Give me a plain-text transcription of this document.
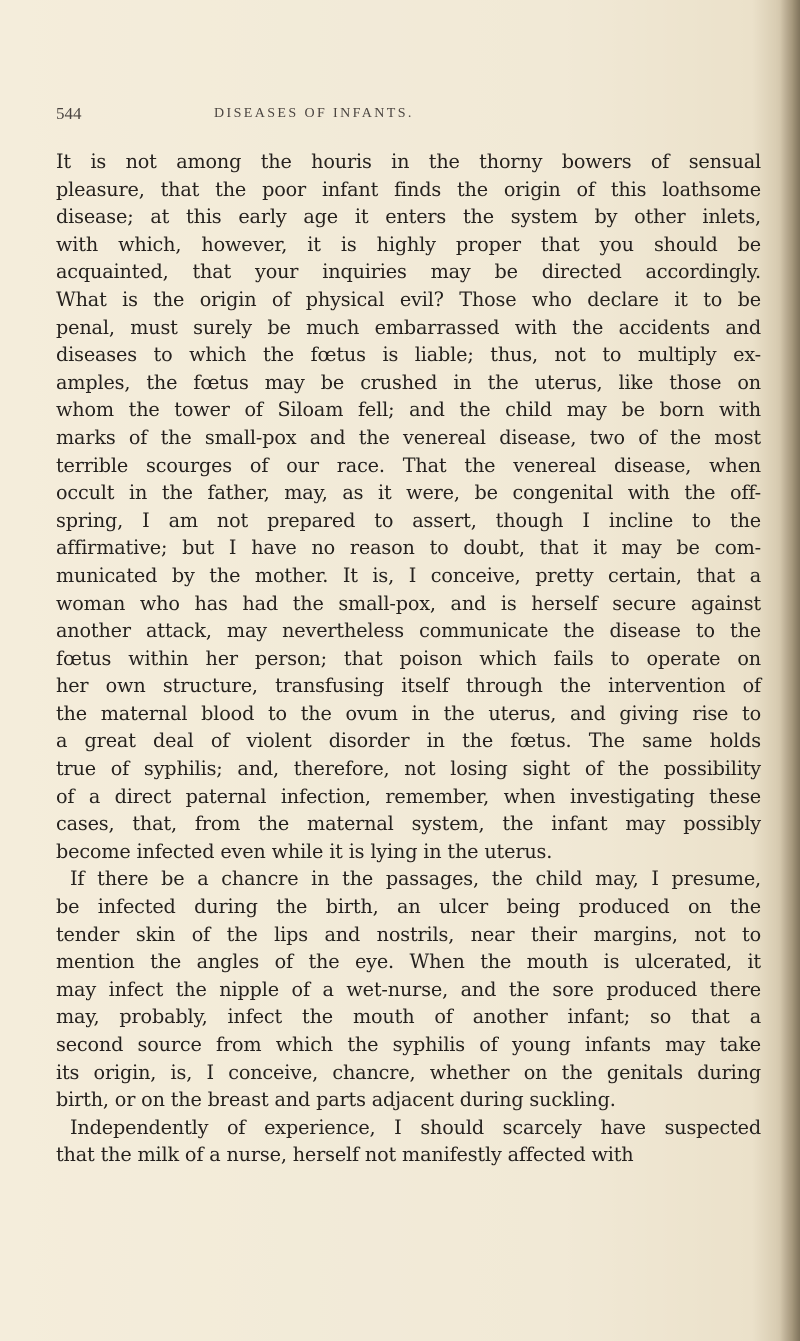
544	DISEASES OF INFANTS.
It is not among the houris in the thorny bowers of sensual
pleasure, that the poor infant finds the origin of this loathsome
disease; at this early age it enters the system by other inlets,
with which, however, it is highly proper that you should be
acquainted, that your inquiries may be directed accordingly.
What is the origin of physical evil? Those who declare it to be
penal, must surely be much embarrassed with the accidents and
diseases to which the fœtus is liable; thus, not to multiply ex-
amples, the fœtus may be crushed in the uterus, like those on
whom the tower of Siloam fell; and the child may be born with
marks of the small-pox and the venereal disease, two of the most
terrible scourges of our race. That the venereal disease, when
occult in the father, may, as it were, be congenital with the off-
spring, I am not prepared to assert, though I incline to the
affirmative; but I have no reason to doubt, that it may be com-
municated by the mother. It is, I conceive, pretty certain, that a
woman who has had the small-pox, and is herself secure against
another attack, may nevertheless communicate the disease to the
fœtus within her person; that poison which fails to operate on
her own structure, transfusing itself through the intervention of
the maternal blood to the ovum in the uterus, and giving rise to
a great deal of violent disorder in the fœtus. The same holds
true of syphilis; and, therefore, not losing sight of the possibility
of a direct paternal infection, remember, when investigating these
cases, that, from the maternal system, the infant may possibly
become infected even while it is lying in the uterus.
If there be a chancre in the passages, the child may, I presume,
be infected during the birth, an ulcer being produced on the
tender skin of the lips and nostrils, near their margins, not to
mention the angles of the eye. When the mouth is ulcerated, it
may infect the nipple of a wet-nurse, and the sore produced there
may, probably, infect the mouth of another infant; so that a
second source from which the syphilis of young infants may take
its origin, is, I conceive, chancre, whether on the genitals during
birth, or on the breast and parts adjacent during suckling.
Independently of experience, I should scarcely have suspected
that the milk of a nurse, herself not manifestly affected with
